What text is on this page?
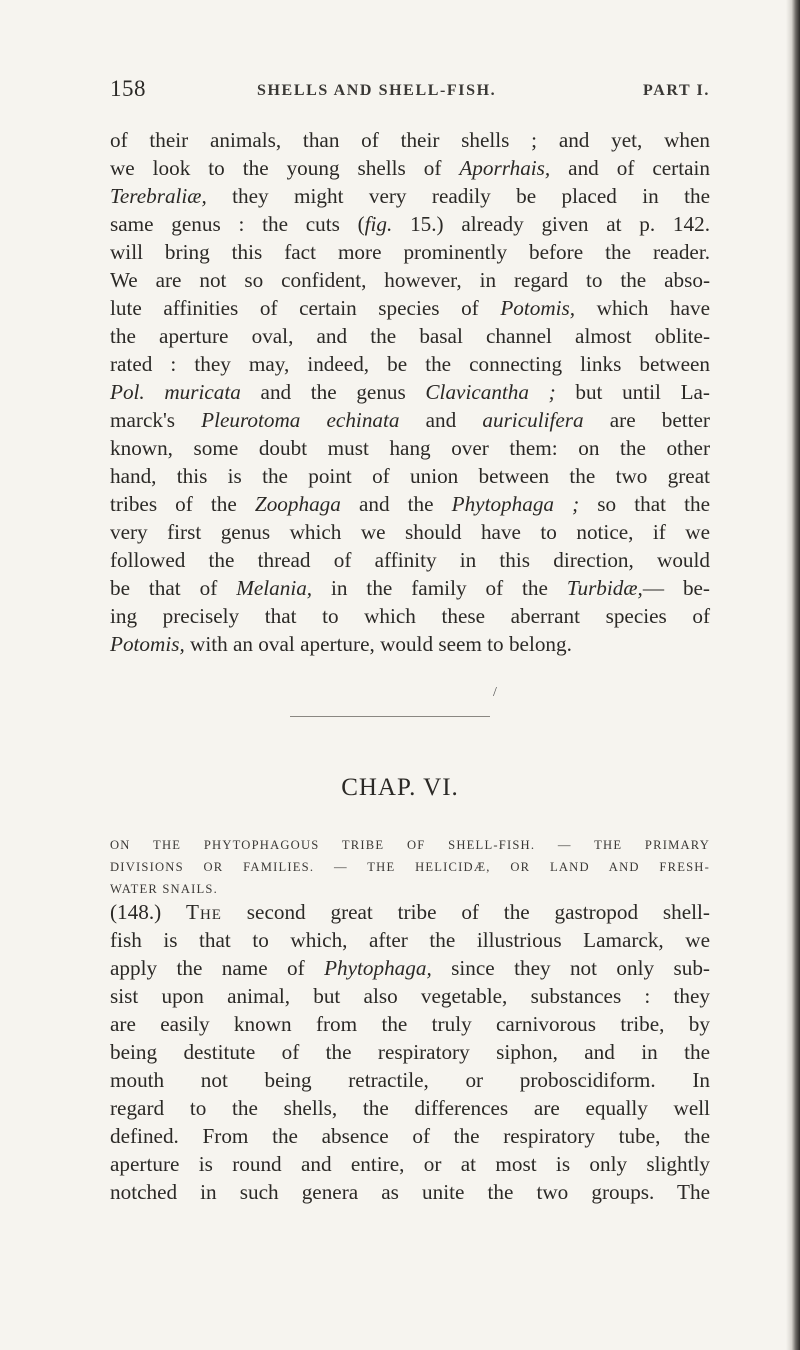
158	SHELLS AND SHELL-FISH.	PART I.
of their animals, than of their shells ; and yet, when
we look to the young shells of Aporrhais, and of certain
Terebraliæ, they might very readily be placed in the
same genus : the cuts (fig. 15.) already given at p. 142.
will bring this fact more prominently before the reader.
We are not so confident, however, in regard to the abso-
lute affinities of certain species of Potomis, which have
the aperture oval, and the basal channel almost oblite-
rated : they may, indeed, be the connecting links between
Pol. muricata and the genus Clavicantha ; but until La-
marck's Pleurotoma echinata and auriculifera are better
known, some doubt must hang over them: on the other
hand, this is the point of union between the two great
tribes of the Zoophaga and the Phytophaga ; so that the
very first genus which we should have to notice, if we
followed the thread of affinity in this direction, would
be that of Melania, in the family of the Turbidæ,— be-
ing precisely that to which these aberrant species of
Potomis, with an oval aperture, would seem to belong.
/
CHAP. VI.
ON THE PHYTOPHAGOUS TRIBE OF SHELL-FISH. — THE PRIMARY
DIVISIONS OR FAMILIES. — THE HELICIDÆ, OR LAND AND FRESH-
WATER SNAILS.
(148.) The second great tribe of the gastropod shell-
fish is that to which, after the illustrious Lamarck, we
apply the name of Phytophaga, since they not only sub-
sist upon animal, but also vegetable, substances : they
are easily known from the truly carnivorous tribe, by
being destitute of the respiratory siphon, and in the
mouth not being retractile, or proboscidiform. In
regard to the shells, the differences are equally well
defined. From the absence of the respiratory tube, the
aperture is round and entire, or at most is only slightly
notched in such genera as unite the two groups. The
